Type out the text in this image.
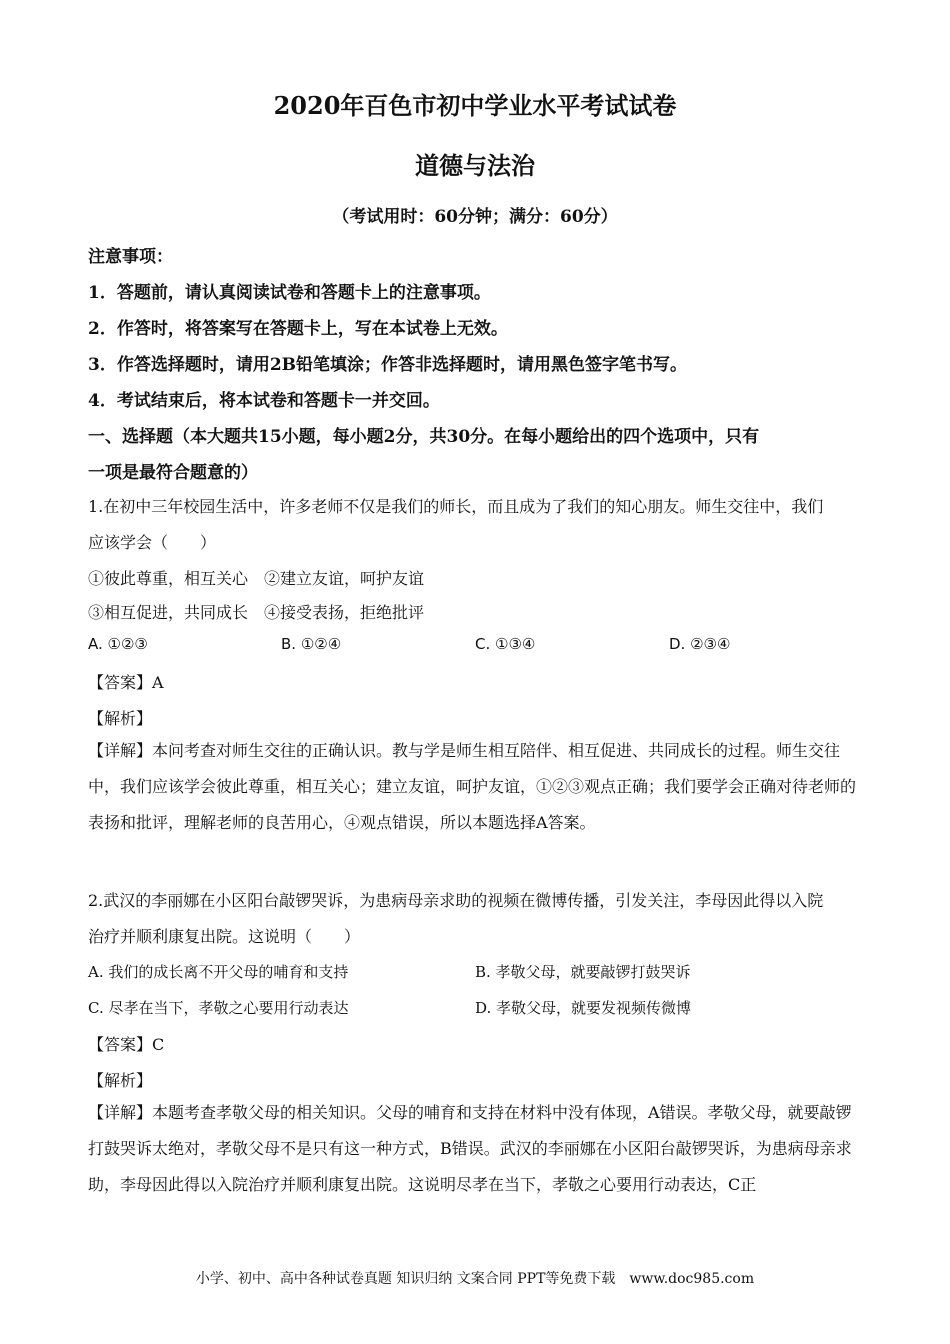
2020年百色市初中学业水平考试试卷
道德与法治
（考试用时：60分钟；满分：60分）
注意事项：
1．答题前，请认真阅读试卷和答题卡上的注意事项。
2．作答时，将答案写在答题卡上，写在本试卷上无效。
3．作答选择题时，请用2B铅笔填涂；作答非选择题时，请用黑色签字笔书写。
4．考试结束后，将本试卷和答题卡一并交回。
一、选择题（本大题共15小题，每小题2分，共30分。在每小题给出的四个选项中，只有
一项是最符合题意的）
1.在初中三年校园生活中，许多老师不仅是我们的师长，而且成为了我们的知心朋友。师生交往中，我们
应该学会（　　）
①彼此尊重，相互关心　②建立友谊，呵护友谊
③相互促进，共同成长　④接受表扬，拒绝批评
A. ①②③	B. ①②④	C. ①③④	D. ②③④
【答案】A
【解析】
【详解】本问考查对师生交往的正确认识。教与学是师生相互陪伴、相互促进、共同成长的过程。师生交往中，我们应该学会彼此尊重，相互关心；建立友谊，呵护友谊，①②③观点正确；我们要学会正确对待老师的表扬和批评，理解老师的良苦用心，④观点错误，所以本题选择A答案。
2.武汉的李丽娜在小区阳台敲锣哭诉，为患病母亲求助的视频在微博传播，引发关注，李母因此得以入院
治疗并顺利康复出院。这说明（　　）
A. 我们的成长离不开父母的哺育和支持	B. 孝敬父母，就要敲锣打鼓哭诉
C. 尽孝在当下，孝敬之心要用行动表达	D. 孝敬父母，就要发视频传微博
【答案】C
【解析】
【详解】本题考查孝敬父母的相关知识。父母的哺育和支持在材料中没有体现，A错误。孝敬父母，就要敲锣打鼓哭诉太绝对，孝敬父母不是只有这一种方式，B错误。武汉的李丽娜在小区阳台敲锣哭诉，为患病母亲求助，李母因此得以入院治疗并顺利康复出院。这说明尽孝在当下，孝敬之心要用行动表达，C正
小学、初中、高中各种试卷真题 知识归纳 文案合同 PPT等免费下载　www.doc985.com
